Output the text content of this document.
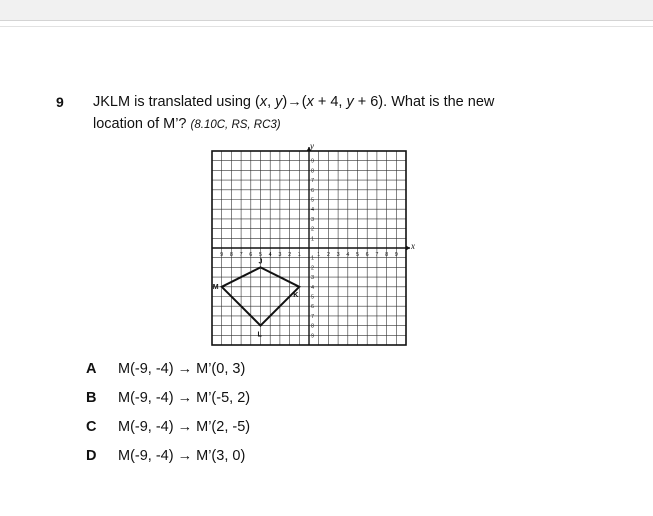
9 JKLM is translated using (x, y)→(x + 4, y + 6). What is the new
location of M’? (8.10C, RS, RC3)
9 8 7 6 5 4 3 2 1	1 2 3 4 5 6 7 8 9
9
8
7
6
5
4
3
2
1
1
2
3
4
5
6
7
8
9
J
K
L
M
x
y
A M(-9, -4) → M’(0, 3)
B M(-9, -4) → M’(-5, 2)
C M(-9, -4) → M’(2, -5)
D M(-9, -4) → M’(3, 0)
